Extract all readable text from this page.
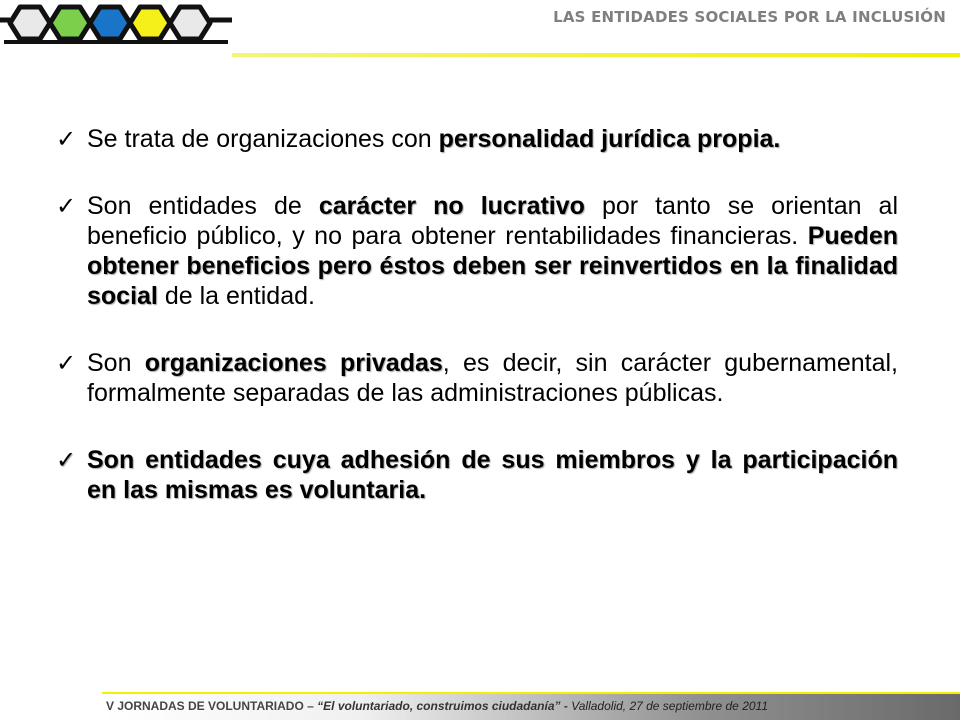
LAS ENTIDADES SOCIALES POR LA INCLUSIÓN
✓ Se trata de organizaciones con personalidad jurídica propia.
✓ Son entidades de carácter no lucrativo por tanto se orientan al beneficio público, y no para obtener rentabilidades financieras. Pueden obtener beneficios pero éstos deben ser reinvertidos en la finalidad social de la entidad.
✓ Son organizaciones privadas, es decir, sin carácter gubernamental, formalmente separadas de las administraciones públicas.
✓ Son entidades cuya adhesión de sus miembros y la participación en las mismas es voluntaria.
V JORNADAS DE VOLUNTARIADO – “El voluntariado, construimos ciudadanía” - Valladolid, 27 de septiembre de 2011
